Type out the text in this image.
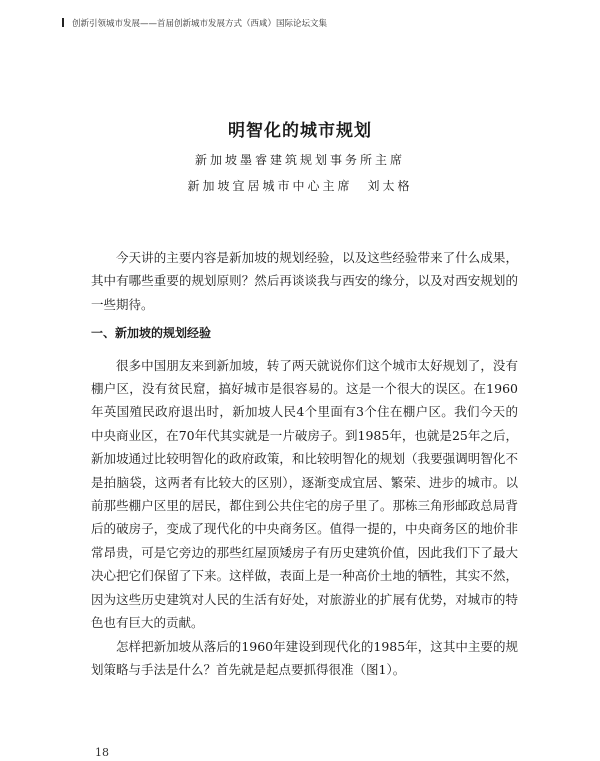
创新引领城市发展——首届创新城市发展方式（西咸）国际论坛文集
明智化的城市规划
新加坡墨睿建筑规划事务所主席
新加坡宜居城市中心主席　刘太格

今天讲的主要内容是新加坡的规划经验，以及这些经验带来了什么成果，其中有哪些重要的规划原则？然后再谈谈我与西安的缘分，以及对西安规划的一些期待。

一、新加坡的规划经验

很多中国朋友来到新加坡，转了两天就说你们这个城市太好规划了，没有棚户区，没有贫民窟，搞好城市是很容易的。这是一个很大的误区。在1960年英国殖民政府退出时，新加坡人民4个里面有3个住在棚户区。我们今天的中央商业区，在70年代其实就是一片破房子。到1985年，也就是25年之后，新加坡通过比较明智化的政府政策，和比较明智化的规划（我要强调明智化不是拍脑袋，这两者有比较大的区别），逐渐变成宜居、繁荣、进步的城市。以前那些棚户区里的居民，都住到公共住宅的房子里了。那栋三角形邮政总局背后的破房子，变成了现代化的中央商务区。值得一提的，中央商务区的地价非常昂贵，可是它旁边的那些红屋顶矮房子有历史建筑价值，因此我们下了最大决心把它们保留了下来。这样做，表面上是一种高价土地的牺牲，其实不然，因为这些历史建筑对人民的生活有好处，对旅游业的扩展有优势，对城市的特色也有巨大的贡献。

怎样把新加坡从落后的1960年建设到现代化的1985年，这其中主要的规划策略与手法是什么？首先就是起点要抓得很准（图1）。

18
